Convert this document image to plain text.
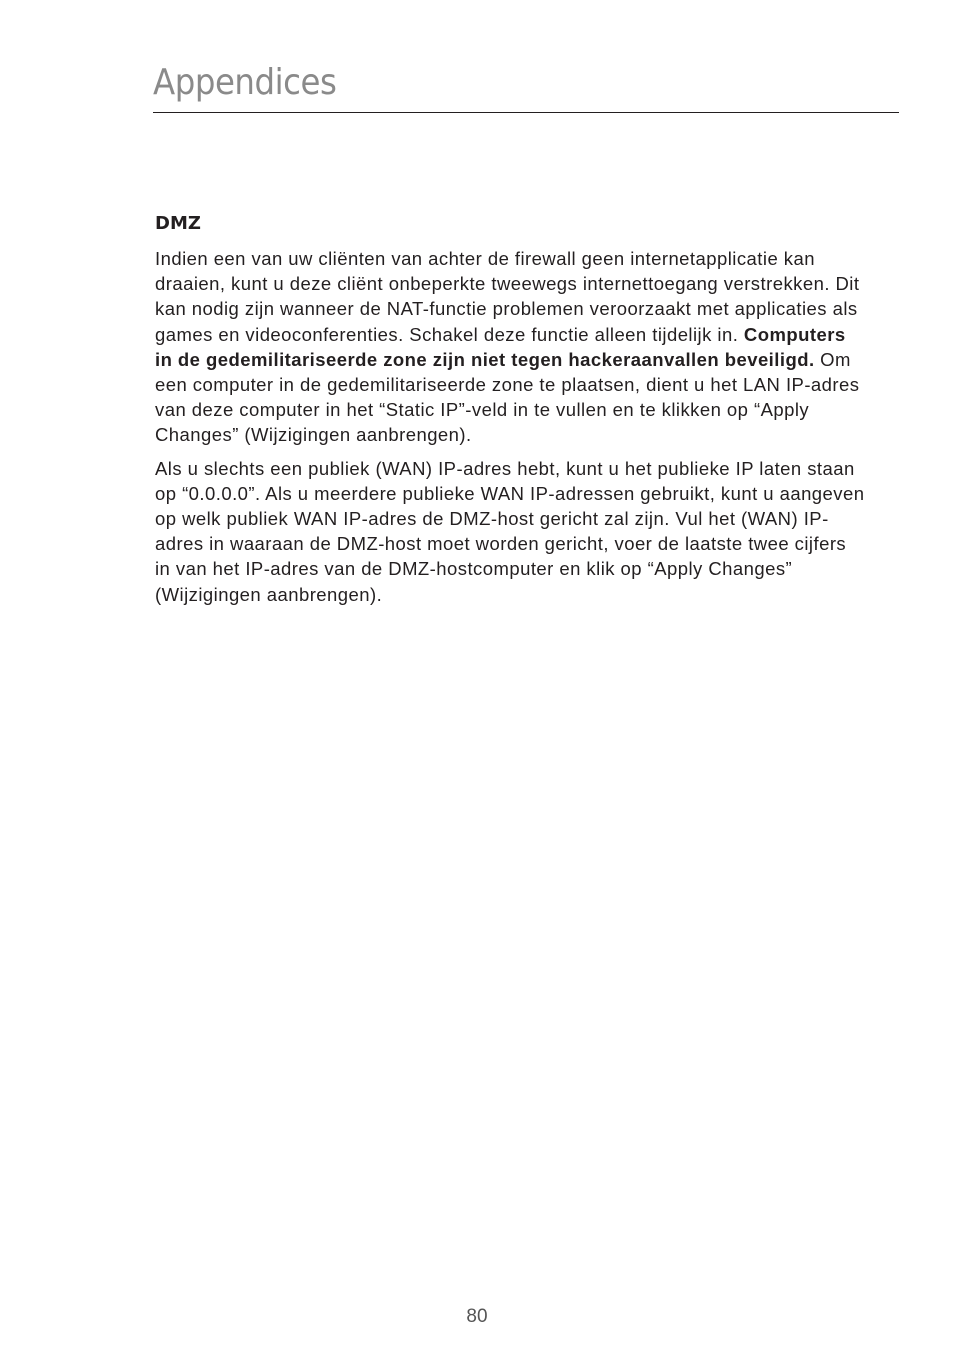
Appendices
DMZ

Indien een van uw cliënten van achter de firewall geen internetapplicatie kan draaien, kunt u deze cliënt onbeperkte tweewegs internettoegang verstrekken. Dit kan nodig zijn wanneer de NAT-functie problemen veroorzaakt met applicaties als games en videoconferenties. Schakel deze functie alleen tijdelijk in. Computers in de gedemilitariseerde zone zijn niet tegen hackeraanvallen beveiligd. Om een computer in de gedemilitariseerde zone te plaatsen, dient u het LAN IP-adres van deze computer in het “Static IP”-veld in te vullen en te klikken op “Apply Changes” (Wijzigingen aanbrengen).

Als u slechts een publiek (WAN) IP-adres hebt, kunt u het publieke IP laten staan op “0.0.0.0”. Als u meerdere publieke WAN IP-adressen gebruikt, kunt u aangeven op welk publiek WAN IP-adres de DMZ-host gericht zal zijn. Vul het (WAN) IP-adres in waaraan de DMZ-host moet worden gericht, voer de laatste twee cijfers in van het IP-adres van de DMZ-hostcomputer en klik op “Apply Changes” (Wijzigingen aanbrengen).

80
